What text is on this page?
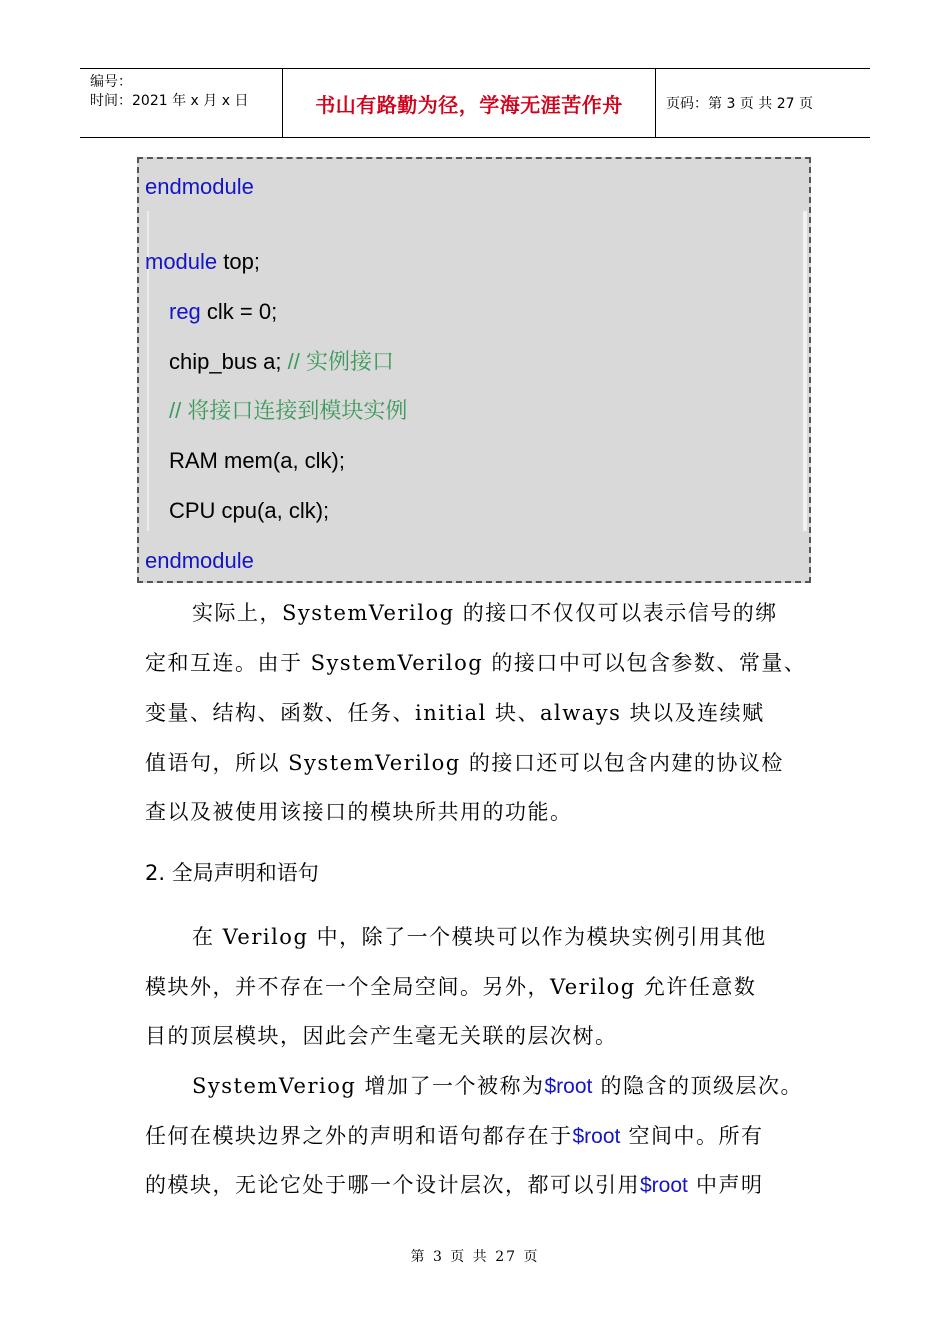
编号：
时间：2021 年 x 月 x 日	书山有路勤为径，学海无涯苦作舟	页码：第 3 页 共 27 页
endmodule
module top;
reg clk = 0;
chip_bus a; // 实例接口
// 将接口连接到模块实例
RAM mem(a, clk);
CPU cpu(a, clk);
endmodule
实际上，SystemVerilog 的接口不仅仅可以表示信号的绑
定和互连。由于 SystemVerilog 的接口中可以包含参数、常量、
变量、结构、函数、任务、initial 块、always 块以及连续赋
值语句，所以 SystemVerilog 的接口还可以包含内建的协议检
查以及被使用该接口的模块所共用的功能。
2. 全局声明和语句
在 Verilog 中，除了一个模块可以作为模块实例引用其他
模块外，并不存在一个全局空间。另外，Verilog 允许任意数
目的顶层模块，因此会产生毫无关联的层次树。
SystemVeriog 增加了一个被称为$root 的隐含的顶级层次。
任何在模块边界之外的声明和语句都存在于$root 空间中。所有
的模块，无论它处于哪一个设计层次，都可以引用$root 中声明
第 3 页 共 27 页
